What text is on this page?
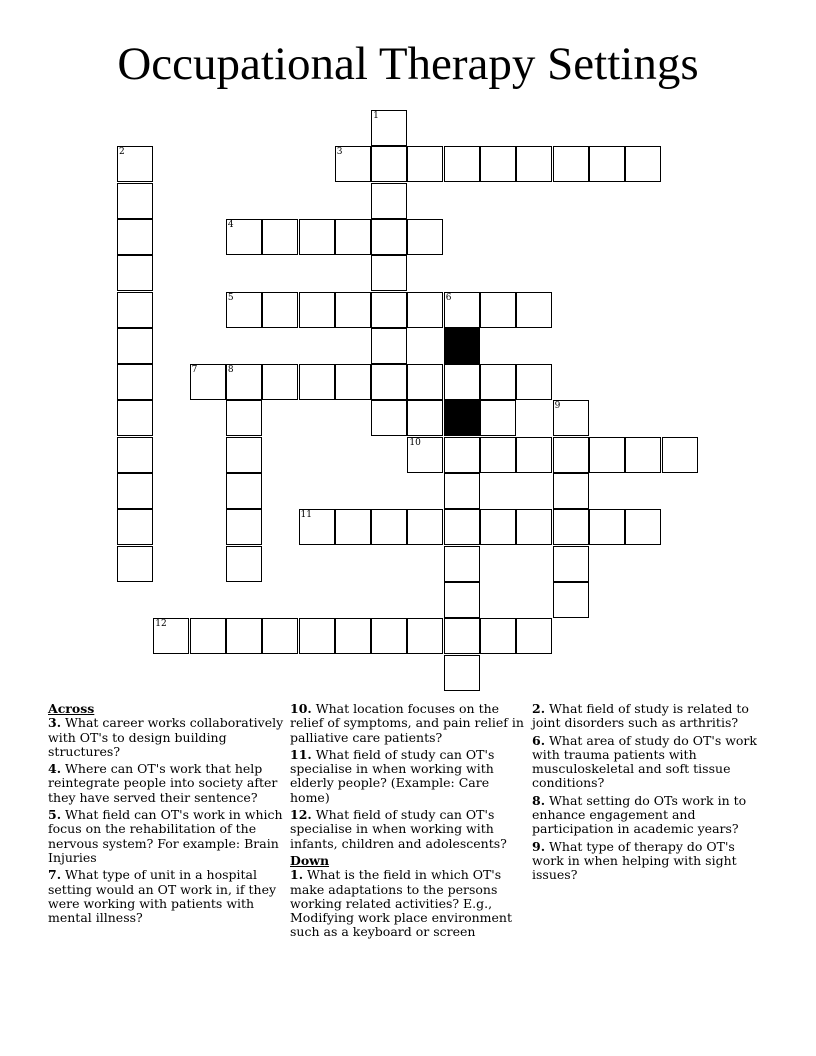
Occupational Therapy Settings
3
4
5	6
7	8
10
11
12
1
2
9
Across

3. What career works collaboratively with OT's to design building structures?

4. Where can OT's work that help reintegrate people into society after they have served their sentence?

5. What field can OT's work in which focus on the rehabilitation of the nervous system? For example: Brain Injuries

7. What type of unit in a hospital setting would an OT work in, if they were working with patients with mental illness?

10. What location focuses on the relief of symptoms, and pain relief in palliative care patients?

11. What field of study can OT's specialise in when working with elderly people? (Example: Care home)

12. What field of study can OT's specialise in when working with infants, children and adolescents?

Down

1. What is the field in which OT's make adaptations to the persons working related activities? E.g., Modifying work place environment such as a keyboard or screen

2. What field of study is related to joint disorders such as arthritis?

6. What area of study do OT's work with trauma patients with musculoskeletal and soft tissue conditions?

8. What setting do OTs work in to enhance engagement and participation in academic years?

9. What type of therapy do OT's work in when helping with sight issues?
